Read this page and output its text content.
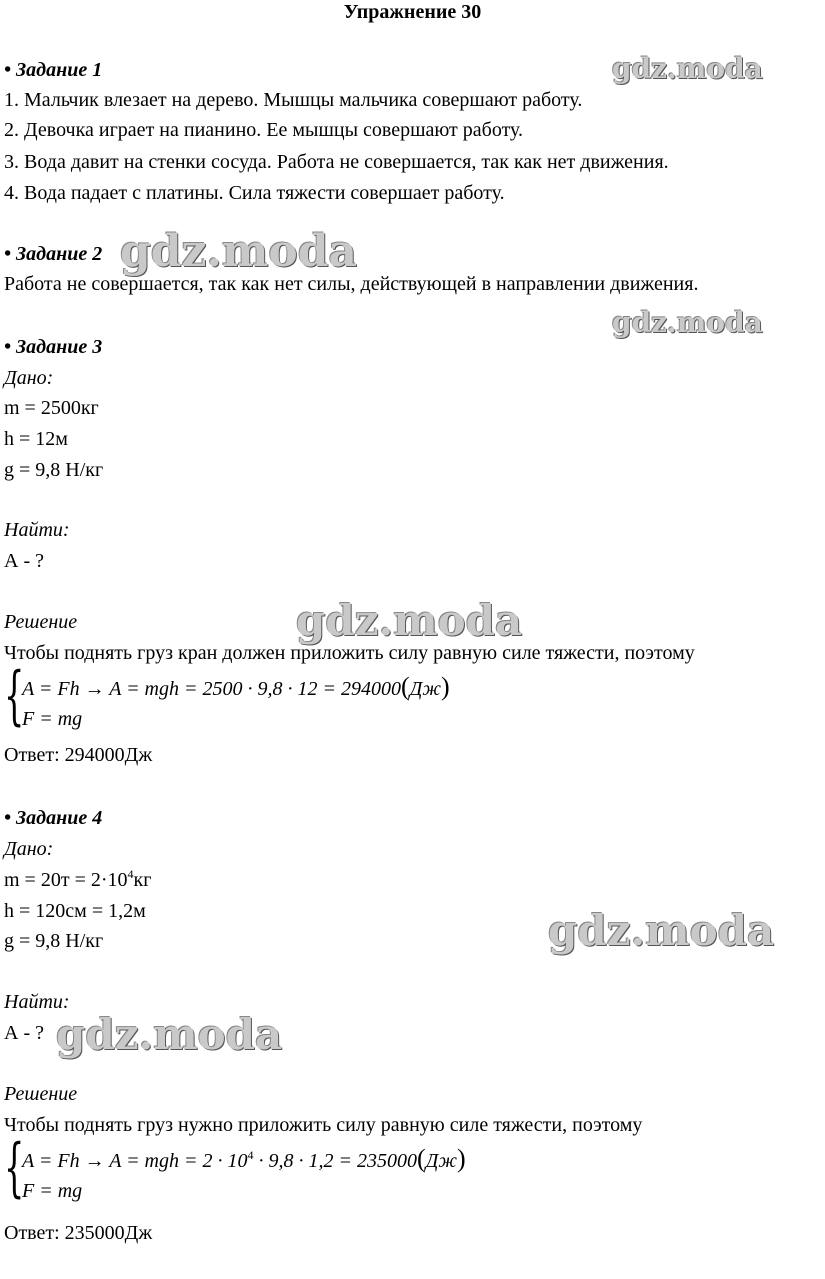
Упражнение 30
• Задание 1
1. Мальчик влезает на дерево. Мышцы мальчика совершают работу.
2. Девочка играет на пианино. Ее мышцы совершают работу.
3. Вода давит на стенки сосуда. Работа не совершается, так как нет движения.
4. Вода падает с платины. Сила тяжести совершает работу.
• Задание 2
Работа не совершается, так как нет силы, действующей в направлении движения.
• Задание 3
Дано:
m = 2500кг
h = 12м
g = 9,8 Н/кг
Найти:
А - ?
Решение
Чтобы поднять груз кран должен приложить силу равную силе тяжести, поэтому
{
A = Fh → A = mgh = 2500 · 9,8 · 12 = 294000(Дж)
F = mg
Ответ: 294000Дж
• Задание 4
Дано:
$m = 20т = 2\cdot 10^4кг$
h = 120см = 1,2м
g = 9,8 Н/кг
Найти:
А - ?
Решение
Чтобы поднять груз нужно приложить силу равную силе тяжести, поэтому
{
A = Fh → A = mgh = $2 \cdot 10^4 \cdot 9,8 \cdot 1,2 = 235000(Дж)$
F = mg
Ответ: 235000Дж
gdz.moda
gdz.moda
gdz.moda
gdz.moda
gdz.moda
gdz.moda
